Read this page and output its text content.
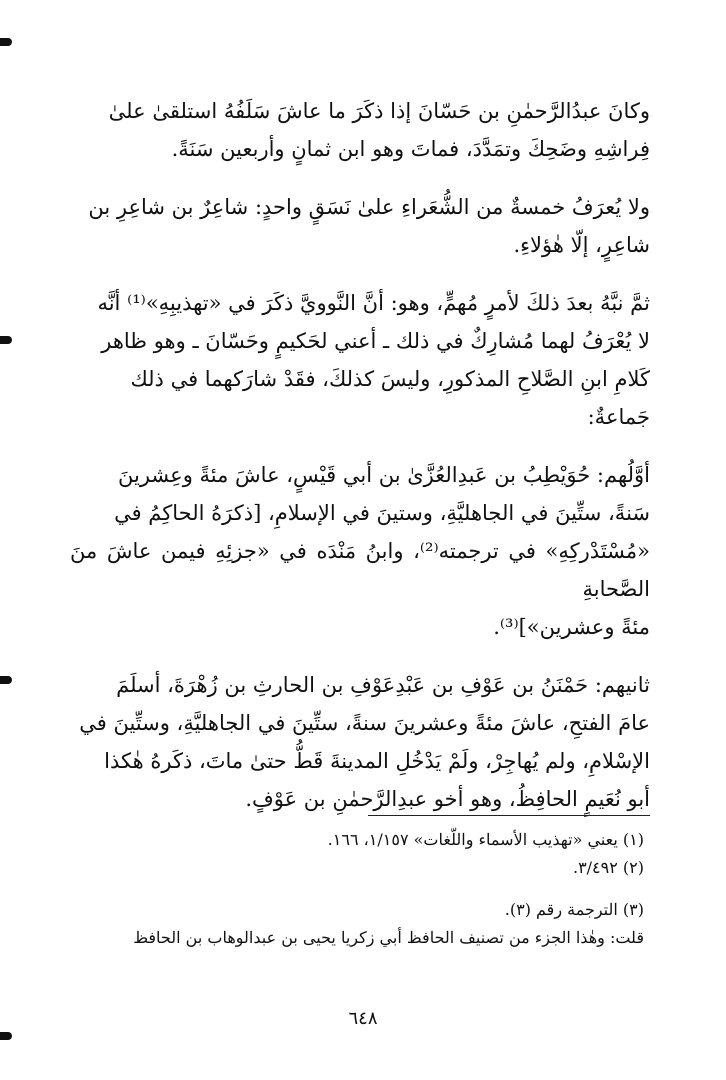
وكانَ عبدُالرَّحمٰنِ بن حَسّانَ إذا ذكَرَ ما عاشَ سَلَفُهُ استلقىٰ علىٰ

فِراشِهِ وضَحِكَ وتمَدَّدَ، فماتَ وهو ابن ثمانٍ وأربعين سَنَةً.

ولا يُعرَفُ خمسةٌ من الشُّعَراءِ علىٰ نَسَقٍ واحدٍ: شاعِرٌ بن شاعِرِ بن

شاعِرٍ، إلّا هٰؤلاءِ.

ثمَّ نبَّهُ بعدَ ذلكَ لأمرٍ مُهمٍّ، وهو: أنَّ النَّوويَّ ذكَرَ في «تهذيبِهِ»⁽¹⁾ أنَّه

لا يُعْرَفُ لهما مُشارِكٌ في ذلك ـ أعني لحَكيمٍ وحَسّانَ ـ وهو ظاهر

كَلامِ ابنِ الصَّلاحِ المذكورِ، وليسَ كذلكَ، فقَدْ شارَكهما في ذلك

جَماعةٌ:

أوَّلُهم: حُوَيْطِبُ بن عَبدِالعُزَّىٰ بن أبي قَيْسٍ، عاشَ مئةً وعِشرينَ

سَنةً، ستِّينَ في الجاهليَّةِ، وستينَ في الإسلامِ، [ذكرَهُ الحاكِمُ في

«مُسْتَدْركِهِ» في ترجمته⁽²⁾، وابنُ مَنْدَه في «جزئِهِ فيمن عاشَ منَ الصَّحابةِ

مئةً وعشرين»]⁽³⁾.

ثانيهم: حَمْنَنُ بن عَوْفِ بن عَبْدِعَوْفِ بن الحارثِ بن زُهْرَةَ، أسلَمَ

عامَ الفتحِ، عاشَ مئةً وعشرينَ سنةً، ستِّينَ في الجاهليَّةِ، وستِّينَ في

الإسْلامِ، ولم يُهاجِرْ، ولَمْ يَدْخُلِ المدينةَ قَطُّ حتىٰ ماتَ، ذكَرهُ هٰكذا

أبو نُعَيمٍ الحافِظُ، وهو أخو عبدِالرَّحمٰنِ بن عَوْفٍ.

(١) يعني «تهذيب الأسماء واللّغات» ١/١٥٧، ١٦٦.

(٢) ٣/٤٩٢.

(٣) الترجمة رقم (٣).

قلت: وهٰذا الجزء من تصنيف الحافظ أبي زكريا يحيى بن عبدالوهاب بن الحافظ

٦٤٨
